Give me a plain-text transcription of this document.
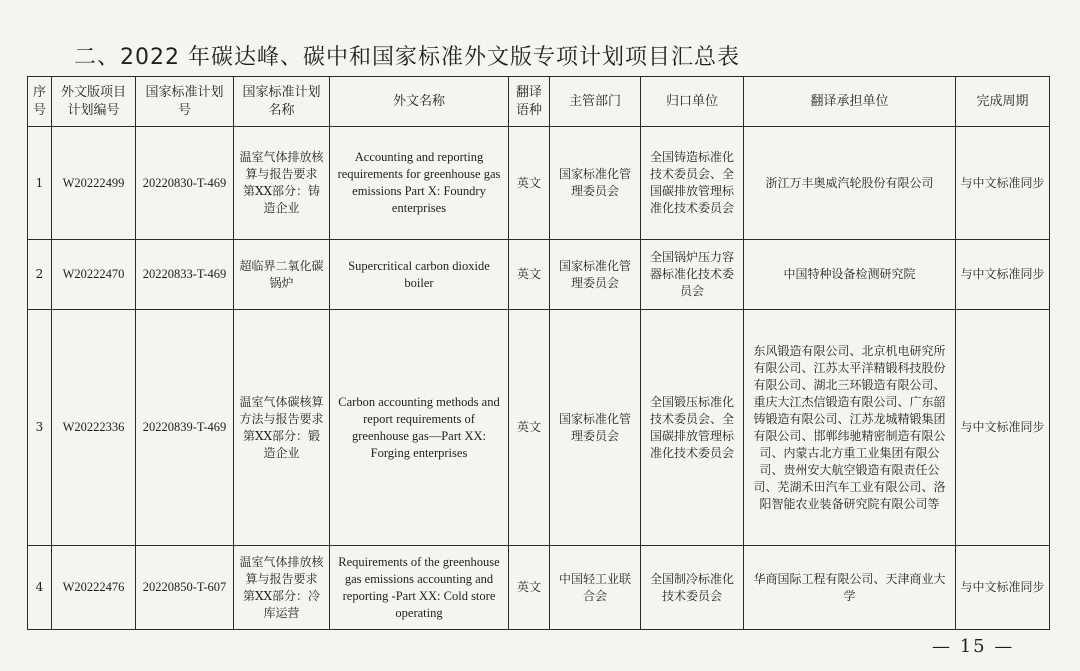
二、2022 年碳达峰、碳中和国家标准外文版专项计划项目汇总表
序号	外文版项目计划编号	国家标准计划号	国家标准计划名称	外文名称	翻译语种	主管部门	归口单位	翻译承担单位	完成周期
1	W20222499	20220830-T-469	温室气体排放核算与报告要求 第XX部分：铸造企业	Accounting and reporting requirements for greenhouse gas emissions Part X: Foundry enterprises	英文	国家标准化管理委员会	全国铸造标准化技术委员会、全国碳排放管理标准化技术委员会	浙江万丰奥威汽轮股份有限公司	与中文标准同步
2	W20222470	20220833-T-469	超临界二氧化碳锅炉	Supercritical carbon dioxide boiler	英文	国家标准化管理委员会	全国锅炉压力容器标准化技术委员会	中国特种设备检测研究院	与中文标准同步
3	W20222336	20220839-T-469	温室气体碳核算方法与报告要求 第XX部分：锻造企业	Carbon accounting methods and report requirements of greenhouse gas—Part XX: Forging enterprises	英文	国家标准化管理委员会	全国锻压标准化技术委员会、全国碳排放管理标准化技术委员会	东风锻造有限公司、北京机电研究所有限公司、江苏太平洋精锻科技股份有限公司、湖北三环锻造有限公司、重庆大江杰信锻造有限公司、广东韶铸锻造有限公司、江苏龙城精锻集团有限公司、邯郸纬驰精密制造有限公司、内蒙古北方重工业集团有限公司、贵州安大航空锻造有限责任公司、芜湖禾田汽车工业有限公司、洛阳智能农业装备研究院有限公司等	与中文标准同步
4	W20222476	20220850-T-607	温室气体排放核算与报告要求 第XX部分：冷库运营	Requirements of the greenhouse gas emissions accounting and reporting -Part XX: Cold store operating	英文	中国轻工业联合会	全国制冷标准化技术委员会	华商国际工程有限公司、天津商业大学	与中文标准同步
— 15 —
